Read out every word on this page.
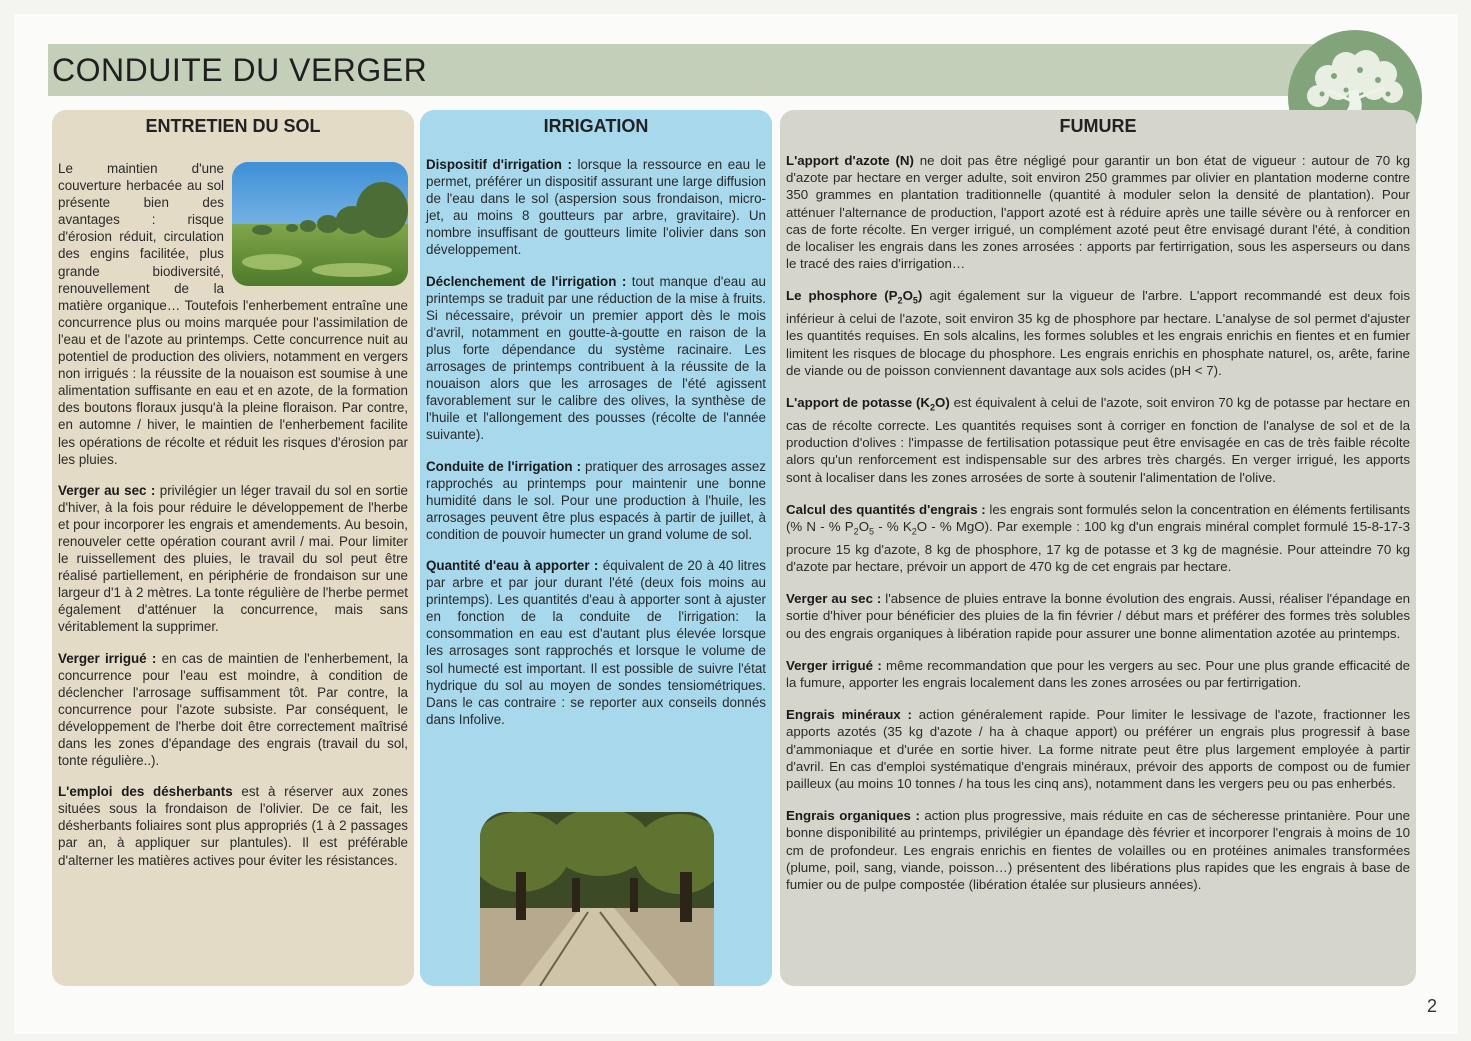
CONDUITE DU VERGER
ENTRETIEN DU SOL

Le maintien d'une couverture herbacée au sol présente bien des avantages : risque d'érosion réduit, circulation des engins facilitée, plus grande biodiversité, renouvellement de la matière organique… Toutefois l'enherbement entraîne une concurrence plus ou moins marquée pour l'assimilation de l'eau et de l'azote au printemps. Cette concurrence nuit au potentiel de production des oliviers, notamment en vergers non irrigués : la réussite de la nouaison est soumise à une alimentation suffisante en eau et en azote, de la formation des boutons floraux jusqu'à la pleine floraison. Par contre, en automne / hiver, le maintien de l'enherbement facilite les opérations de récolte et réduit les risques d'érosion par les pluies.

Verger au sec : privilégier un léger travail du sol en sortie d'hiver, à la fois pour réduire le développement de l'herbe et pour incorporer les engrais et amendements. Au besoin, renouveler cette opération courant avril / mai. Pour limiter le ruissellement des pluies, le travail du sol peut être réalisé partiellement, en périphérie de frondaison sur une largeur d'1 à 2 mètres. La tonte régulière de l'herbe permet également d'atténuer la concurrence, mais sans véritablement la supprimer.

Verger irrigué : en cas de maintien de l'enherbement, la concurrence pour l'eau est moindre, à condition de déclencher l'arrosage suffisamment tôt. Par contre, la concurrence pour l'azote subsiste. Par conséquent, le développement de l'herbe doit être correctement maîtrisé dans les zones d'épandage des engrais (travail du sol, tonte régulière..).

L'emploi des désherbants est à réserver aux zones situées sous la frondaison de l'olivier. De ce fait, les désherbants foliaires sont plus appropriés (1 à 2 passages par an, à appliquer sur plantules). Il est préférable d'alterner les matières actives pour éviter les résistances.

IRRIGATION

Dispositif d'irrigation : lorsque la ressource en eau le permet, préférer un dispositif assurant une large diffusion de l'eau dans le sol (aspersion sous frondaison, micro-jet, au moins 8 goutteurs par arbre, gravitaire). Un nombre insuffisant de goutteurs limite l'olivier dans son développement.

Déclenchement de l'irrigation : tout manque d'eau au printemps se traduit par une réduction de la mise à fruits. Si nécessaire, prévoir un premier apport dès le mois d'avril, notamment en goutte-à-goutte en raison de la plus forte dépendance du système racinaire. Les arrosages de printemps contribuent à la réussite de la nouaison alors que les arrosages de l'été agissent favorablement sur le calibre des olives, la synthèse de l'huile et l'allongement des pousses (récolte de l'année suivante).

Conduite de l'irrigation : pratiquer des arrosages assez rapprochés au printemps pour maintenir une bonne humidité dans le sol. Pour une production à l'huile, les arrosages peuvent être plus espacés à partir de juillet, à condition de pouvoir humecter un grand volume de sol.

Quantité d'eau à apporter : équivalent de 20 à 40 litres par arbre et par jour durant l'été (deux fois moins au printemps). Les quantités d'eau à apporter sont à ajuster en fonction de la conduite de l'irrigation: la consommation en eau est d'autant plus élevée lorsque les arrosages sont rapprochés et lorsque le volume de sol humecté est important. Il est possible de suivre l'état hydrique du sol au moyen de sondes tensiométriques. Dans le cas contraire : se reporter aux conseils donnés dans Infolive.

FUMURE

L'apport d'azote (N) ne doit pas être négligé pour garantir un bon état de vigueur : autour de 70 kg d'azote par hectare en verger adulte, soit environ 250 grammes par olivier en plantation moderne contre 350 grammes en plantation traditionnelle (quantité à moduler selon la densité de plantation). Pour atténuer l'alternance de production, l'apport azoté est à réduire après une taille sévère ou à renforcer en cas de forte récolte. En verger irrigué, un complément azoté peut être envisagé durant l'été, à condition de localiser les engrais dans les zones arrosées : apports par fertirrigation, sous les asperseurs ou dans le tracé des raies d'irrigation…

Le phosphore $(P_2O_5)$ agit également sur la vigueur de l'arbre. L'apport recommandé est deux fois inférieur à celui de l'azote, soit environ 35 kg de phosphore par hectare. L'analyse de sol permet d'ajuster les quantités requises. En sols alcalins, les formes solubles et les engrais enrichis en fientes et en fumier limitent les risques de blocage du phosphore. Les engrais enrichis en phosphate naturel, os, arête, farine de viande ou de poisson conviennent davantage aux sols acides (pH < 7).

L'apport de potasse $(K_2O)$ est équivalent à celui de l'azote, soit environ 70 kg de potasse par hectare en cas de récolte correcte. Les quantités requises sont à corriger en fonction de l'analyse de sol et de la production d'olives : l'impasse de fertilisation potassique peut être envisagée en cas de très faible récolte alors qu'un renforcement est indispensable sur des arbres très chargés. En verger irrigué, les apports sont à localiser dans les zones arrosées de sorte à soutenir l'alimentation de l'olive.

Calcul des quantités d'engrais : les engrais sont formulés selon la concentration en éléments fertilisants (% N - % $P_2O_5$ - % $K_2O$ - % MgO). Par exemple : 100 kg d'un engrais minéral complet formulé 15-8-17-3 procure 15 kg d'azote, 8 kg de phosphore, 17 kg de potasse et 3 kg de magnésie. Pour atteindre 70 kg d'azote par hectare, prévoir un apport de 470 kg de cet engrais par hectare.

Verger au sec : l'absence de pluies entrave la bonne évolution des engrais. Aussi, réaliser l'épandage en sortie d'hiver pour bénéficier des pluies de la fin février / début mars et préférer des formes très solubles ou des engrais organiques à libération rapide pour assurer une bonne alimentation azotée au printemps.

Verger irrigué : même recommandation que pour les vergers au sec. Pour une plus grande efficacité de la fumure, apporter les engrais localement dans les zones arrosées ou par fertirrigation.

Engrais minéraux : action généralement rapide. Pour limiter le lessivage de l'azote, fractionner les apports azotés (35 kg d'azote / ha à chaque apport) ou préférer un engrais plus progressif à base d'ammoniaque et d'urée en sortie hiver. La forme nitrate peut être plus largement employée à partir d'avril. En cas d'emploi systématique d'engrais minéraux, prévoir des apports de compost ou de fumier pailleux (au moins 10 tonnes / ha tous les cinq ans), notamment dans les vergers peu ou pas enherbés.

Engrais organiques : action plus progressive, mais réduite en cas de sécheresse printanière. Pour une bonne disponibilité au printemps, privilégier un épandage dès février et incorporer l'engrais à moins de 10 cm de profondeur. Les engrais enrichis en fientes de volailles ou en protéines animales transformées (plume, poil, sang, viande, poisson…) présentent des libérations plus rapides que les engrais à base de fumier ou de pulpe compostée (libération étalée sur plusieurs années).

2
